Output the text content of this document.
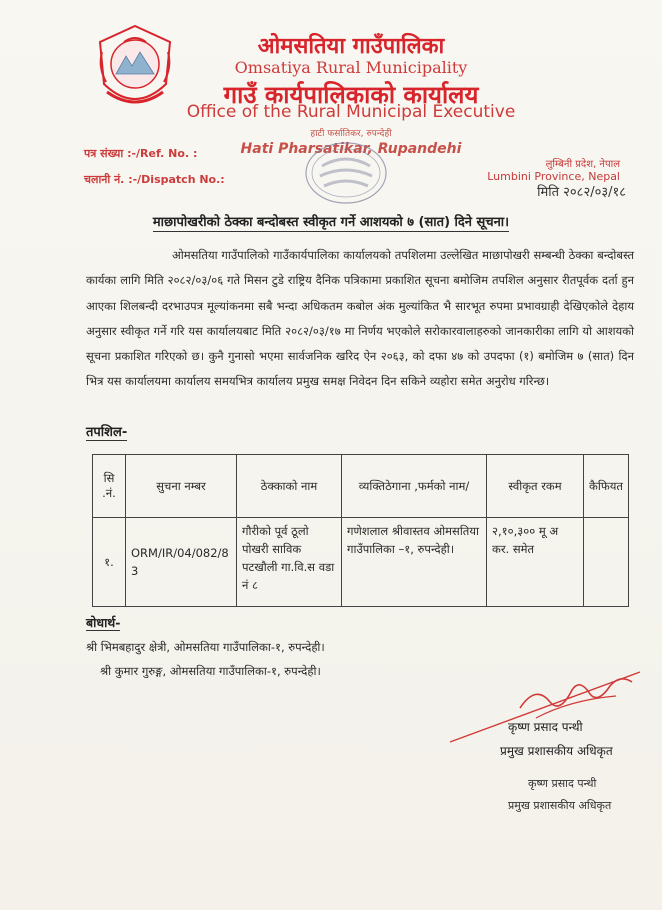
ओमसतिया गाउँपालिका
Omsatiya Rural Municipality
गाउँ कार्यपालिकाको कार्यालय
Office of the Rural Municipal Executive
हाटी फर्सातिकर, रुपन्देही
Hati Pharsatikar, Rupandehi
पत्र संख्या :-/Ref. No. :
चलानी नं. :-/Dispatch No.:
लुम्बिनी प्रदेश, नेपाल
Lumbini Province, Nepal
मिति २०८२/०३/१८
माछापोखरीको ठेक्का बन्दोबस्त स्वीकृत गर्ने आशयको ७ (सात) दिने सूचना।
ओमसतिया गाउँपालिको गाउँकार्यपालिका कार्यालयको तपशिलमा उल्लेखित माछापोखरी सम्बन्धी ठेक्का बन्दोबस्त कार्यका लागि मिति २०८२/०३/०६ गते मिसन टुडे राष्ट्रिय दैनिक पत्रिकामा प्रकाशित सूचना बमोजिम तपशिल अनुसार रीतपूर्वक दर्ता हुन आएका शिलबन्दी दरभाउपत्र मूल्यांकनमा सबै भन्दा अधिकतम कबोल अंक मुल्यांकित भै सारभूत रुपमा प्रभावग्राही देखिएकोले देहाय अनुसार स्वीकृत गर्ने गरि यस कार्यालयबाट मिति २०८२/०३/१७ मा निर्णय भएकोले सरोकारवालाहरुको जानकारीका लागि यो आशयको सूचना प्रकाशित गरिएको छ। कुनै गुनासो भएमा सार्वजनिक खरिद ऐन २०६३, को दफा ४७ को उपदफा (१) बमोजिम ७ (सात) दिन भित्र यस कार्यालयमा कार्यालय समयभित्र कार्यालय प्रमुख समक्ष निवेदन दिन सकिने व्यहोरा समेत अनुरोध गरिन्छ।
तपशिल-
सि .नं.	सुचना नम्बर	ठेक्काको नाम	व्यक्तिठेगाना ,फर्मको नाम/	स्वीकृत रकम	कैफियत
१.	ORM/IR/04/082/83	गौरीको पूर्व ठूलो पोखरी साविक पटखौली गा.वि.स वडा नं ८	गणेशलाल श्रीवास्तव ओमसतिया गाउँपालिका –१, रुपन्देही।	२,१०,३०० मू अ कर. समेत	
बोधार्थ-
श्री भिमबहादुर क्षेत्री, ओमसतिया गाउँपालिका-१, रुपन्देही।
श्री कुमार गुरुङ्ग, ओमसतिया गाउँपालिका-१, रुपन्देही।
कृष्ण प्रसाद पन्थी
प्रमुख प्रशासकीय अधिकृत
कृष्ण प्रसाद पन्थी
प्रमुख प्रशासकीय अधिकृत
